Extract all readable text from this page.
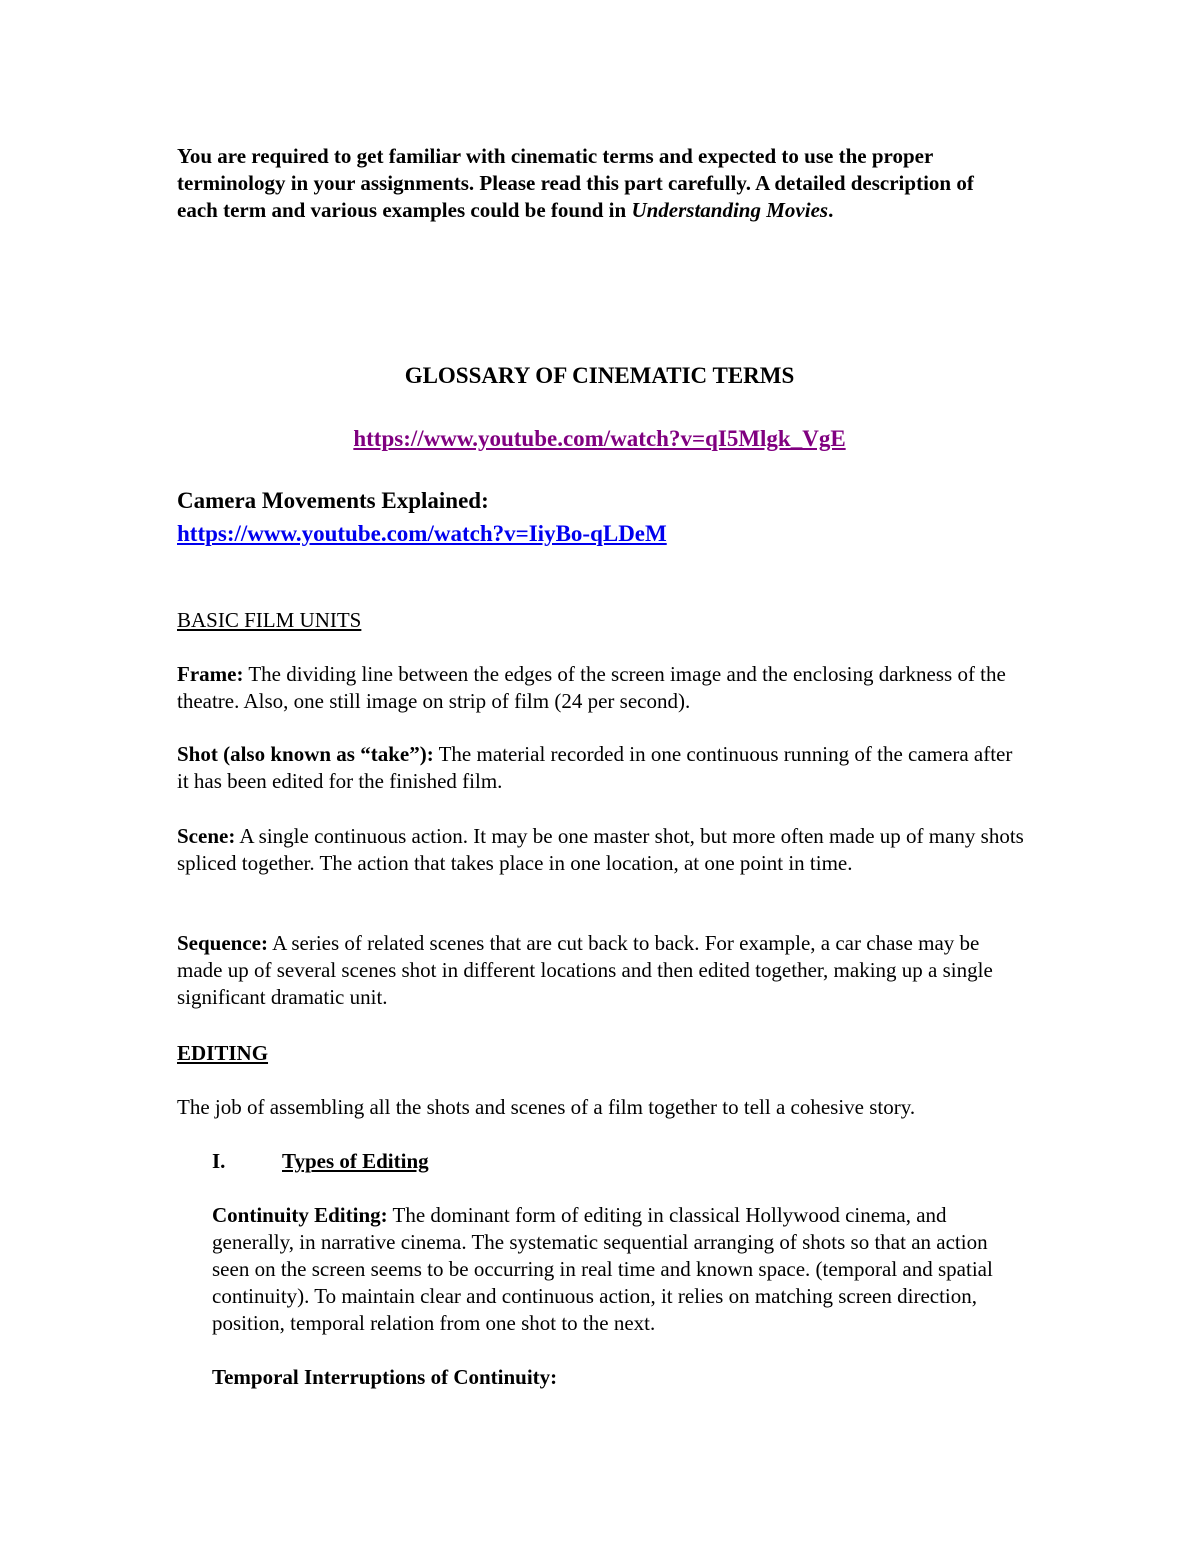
You are required to get familiar with cinematic terms and expected to use the proper terminology in your assignments. Please read this part carefully. A detailed description of each term and various examples could be found in Understanding Movies.

GLOSSARY OF CINEMATIC TERMS
https://www.youtube.com/watch?v=qI5Mlgk_VgE
Camera Movements Explained:
https://www.youtube.com/watch?v=IiyBo-qLDeM
BASIC FILM UNITS

Frame: The dividing line between the edges of the screen image and the enclosing darkness of the theatre. Also, one still image on strip of film (24 per second).

Shot (also known as “take”): The material recorded in one continuous running of the camera after it has been edited for the finished film.

Scene: A single continuous action. It may be one master shot, but more often made up of many shots spliced together. The action that takes place in one location, at one point in time.

Sequence: A series of related scenes that are cut back to back. For example, a car chase may be made up of several scenes shot in different locations and then edited together, making up a single significant dramatic unit.

EDITING

The job of assembling all the shots and scenes of a film together to tell a cohesive story.

I.	Types of Editing

Continuity Editing: The dominant form of editing in classical Hollywood cinema, and generally, in narrative cinema. The systematic sequential arranging of shots so that an action seen on the screen seems to be occurring in real time and known space. (temporal and spatial continuity). To maintain clear and continuous action, it relies on matching screen direction, position, temporal relation from one shot to the next.

Temporal Interruptions of Continuity:
